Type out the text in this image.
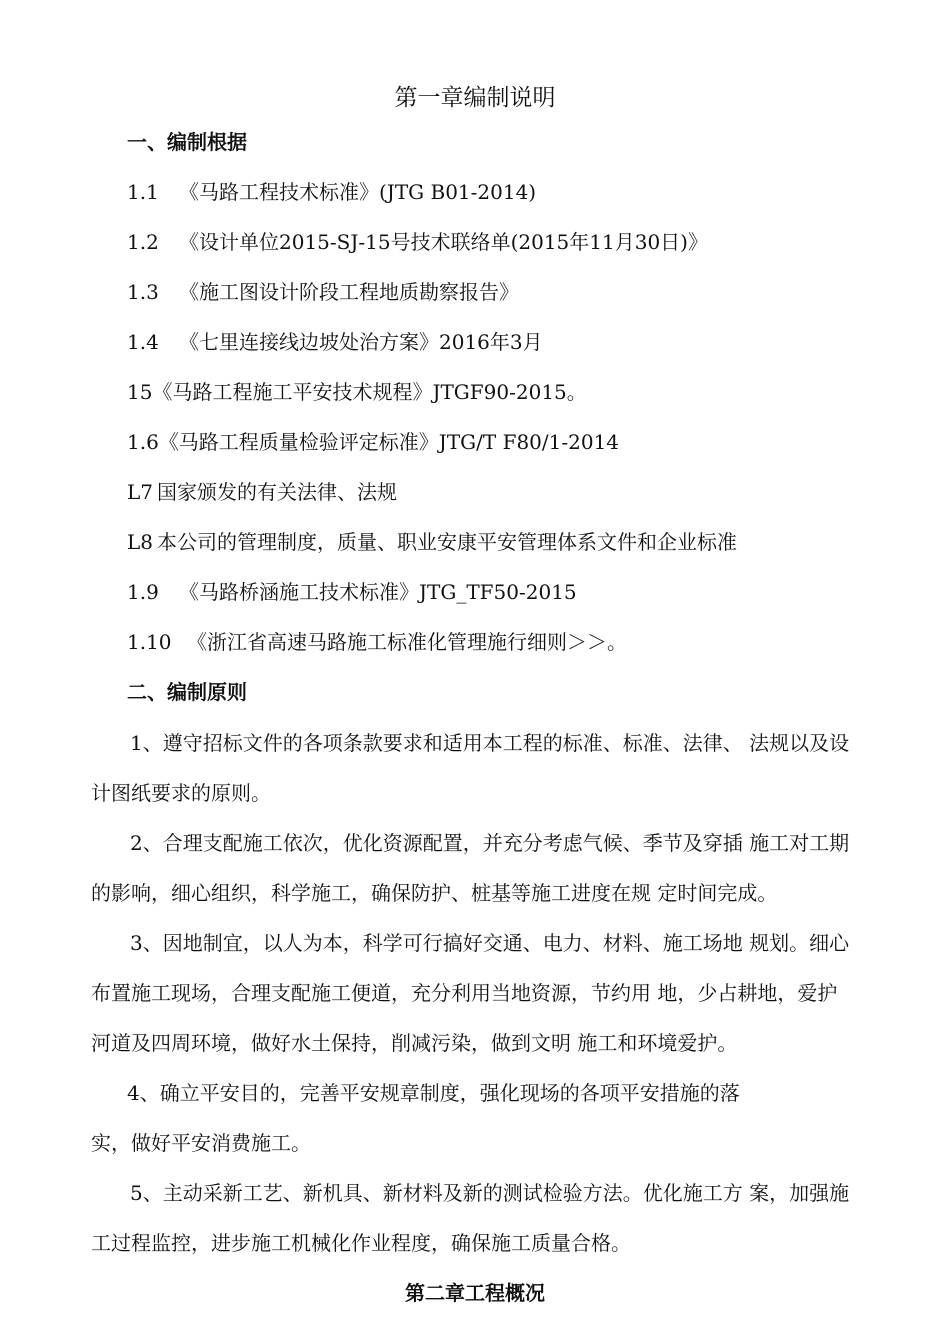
第一章编制说明
一、编制根据
1.1 《马路工程技术标准》(JTG B01-2014)
1.2 《设计单位2015-SJ-15号技术联络单(2015年11月30日)》
1.3 《施工图设计阶段工程地质勘察报告》
1.4 《七里连接线边坡处治方案》2016年3月
15《马路工程施工平安技术规程》JTGF90-2015。
1.6《马路工程质量检验评定标准》JTG/T F80/1-2014
L7 国家颁发的有关法律、法规
L8 本公司的管理制度，质量、职业安康平安管理体系文件和企业标准
1.9 《马路桥涵施工技术标准》JTG_TF50-2015
1.10 《浙江省高速马路施工标准化管理施行细则＞＞。
二、编制原则
1、遵守招标文件的各项条款要求和适用本工程的标准、标准、法律、 法规以及设
计图纸要求的原则。
2、合理支配施工依次，优化资源配置，并充分考虑气候、季节及穿插 施工对工期
的影响，细心组织，科学施工，确保防护、桩基等施工进度在规 定时间完成。
3、因地制宜，以人为本，科学可行搞好交通、电力、材料、施工场地 规划。细心
布置施工现场，合理支配施工便道，充分利用当地资源，节约用 地，少占耕地，爱护
河道及四周环境，做好水土保持，削减污染，做到文明 施工和环境爱护。
4、确立平安目的，完善平安规章制度，强化现场的各项平安措施的落
实，做好平安消费施工。
5、主动采新工艺、新机具、新材料及新的测试检验方法。优化施工方 案，加强施
工过程监控，进步施工机械化作业程度，确保施工质量合格。
第二章工程概况
